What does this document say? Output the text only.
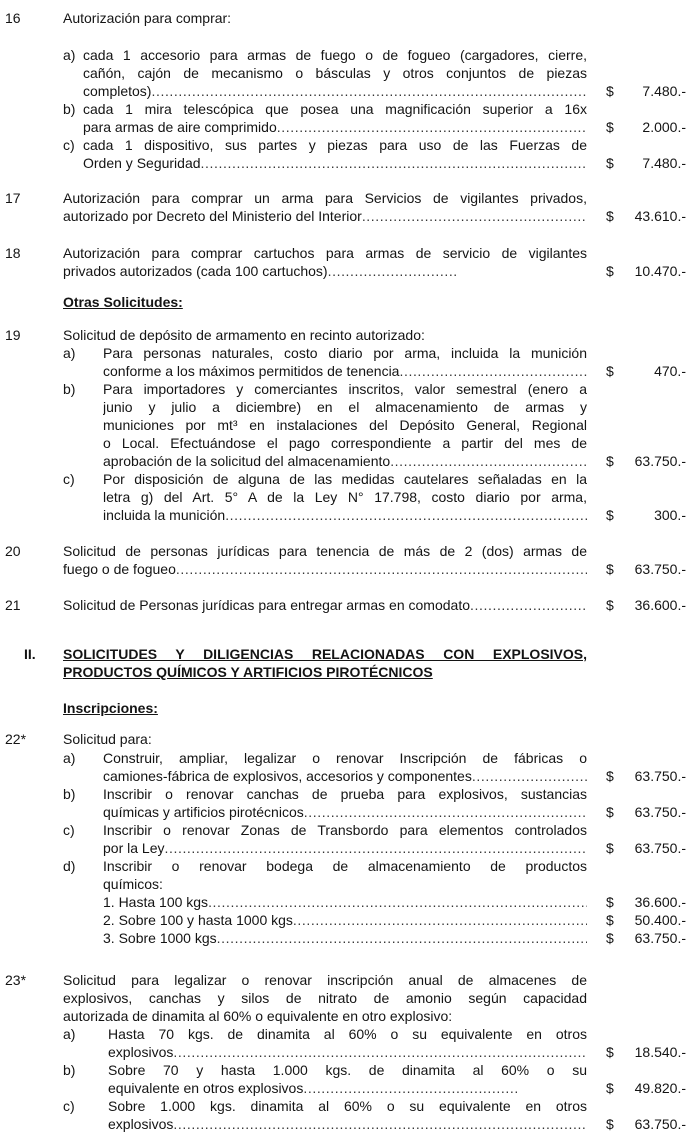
16	Autorización para comprar:
a) cada 1 accesorio para armas de fuego o de fogueo (cargadores, cierre,
cañón, cajón de mecanismo o básculas y otros conjuntos de piezas
completos) .....	$	7.480.-
b) cada 1 mira telescópica que posea una magnificación superior a 16x
para armas de aire comprimido .....	$	2.000.-
c) cada 1 dispositivo, sus partes y piezas para uso de las Fuerzas de
Orden y Seguridad .....	$	7.480.-
17	Autorización para comprar un arma para Servicios de vigilantes privados,
autorizado por Decreto del Ministerio del Interior .....	$	43.610.-
18	Autorización para comprar cartuchos para armas de servicio de vigilantes
privados autorizados (cada 100 cartuchos) .....	$	10.470.-
Otras Solicitudes:
19	Solicitud de depósito de armamento en recinto autorizado:
a) Para personas naturales, costo diario por arma, incluida la munición
conforme a los máximos permitidos de tenencia .....	$	470.-
b) Para importadores y comerciantes inscritos, valor semestral (enero a
junio y julio a diciembre) en el almacenamiento de armas y
municiones por mt³ en instalaciones del Depósito General, Regional
o Local. Efectuándose el pago correspondiente a partir del mes de
aprobación de la solicitud del almacenamiento .....	$	63.750.-
c) Por disposición de alguna de las medidas cautelares señaladas en la
letra g) del Art. 5° A de la Ley N° 17.798, costo diario por arma,
incluida la munición .....	$	300.-
20	Solicitud de personas jurídicas para tenencia de más de 2 (dos) armas de
fuego o de fogueo .....	$	63.750.-
21	Solicitud de Personas jurídicas para entregar armas en comodato .....	$	36.600.-
II. SOLICITUDES Y DILIGENCIAS RELACIONADAS CON EXPLOSIVOS,
PRODUCTOS QUÍMICOS Y ARTIFICIOS PIROTÉCNICOS
Inscripciones:
22*	Solicitud para:
a) Construir, ampliar, legalizar o renovar Inscripción de fábricas o
camiones-fábrica de explosivos, accesorios y componentes .....	$	63.750.-
b) Inscribir o renovar canchas de prueba para explosivos, sustancias
químicas y artificios pirotécnicos .....	$	63.750.-
c) Inscribir o renovar Zonas de Transbordo para elementos controlados
por la Ley .....	$	63.750.-
d) Inscribir o renovar bodega de almacenamiento de productos
químicos:
1. Hasta 100 kgs .....	$	36.600.-
2. Sobre 100 y hasta 1000 kgs .....	$	50.400.-
3. Sobre 1000 kgs .....	$	63.750.-
23*	Solicitud para legalizar o renovar inscripción anual de almacenes de
explosivos, canchas y silos de nitrato de amonio según capacidad
autorizada de dinamita al 60% o equivalente en otro explosivo:
a) Hasta 70 kgs. de dinamita al 60% o su equivalente en otros
explosivos .....	$	18.540.-
b) Sobre 70 y hasta 1.000 kgs. de dinamita al 60% o su
equivalente en otros explosivos .....	$	49.820.-
c) Sobre 1.000 kgs. dinamita al 60% o su equivalente en otros
explosivos .....	$	63.750.-
